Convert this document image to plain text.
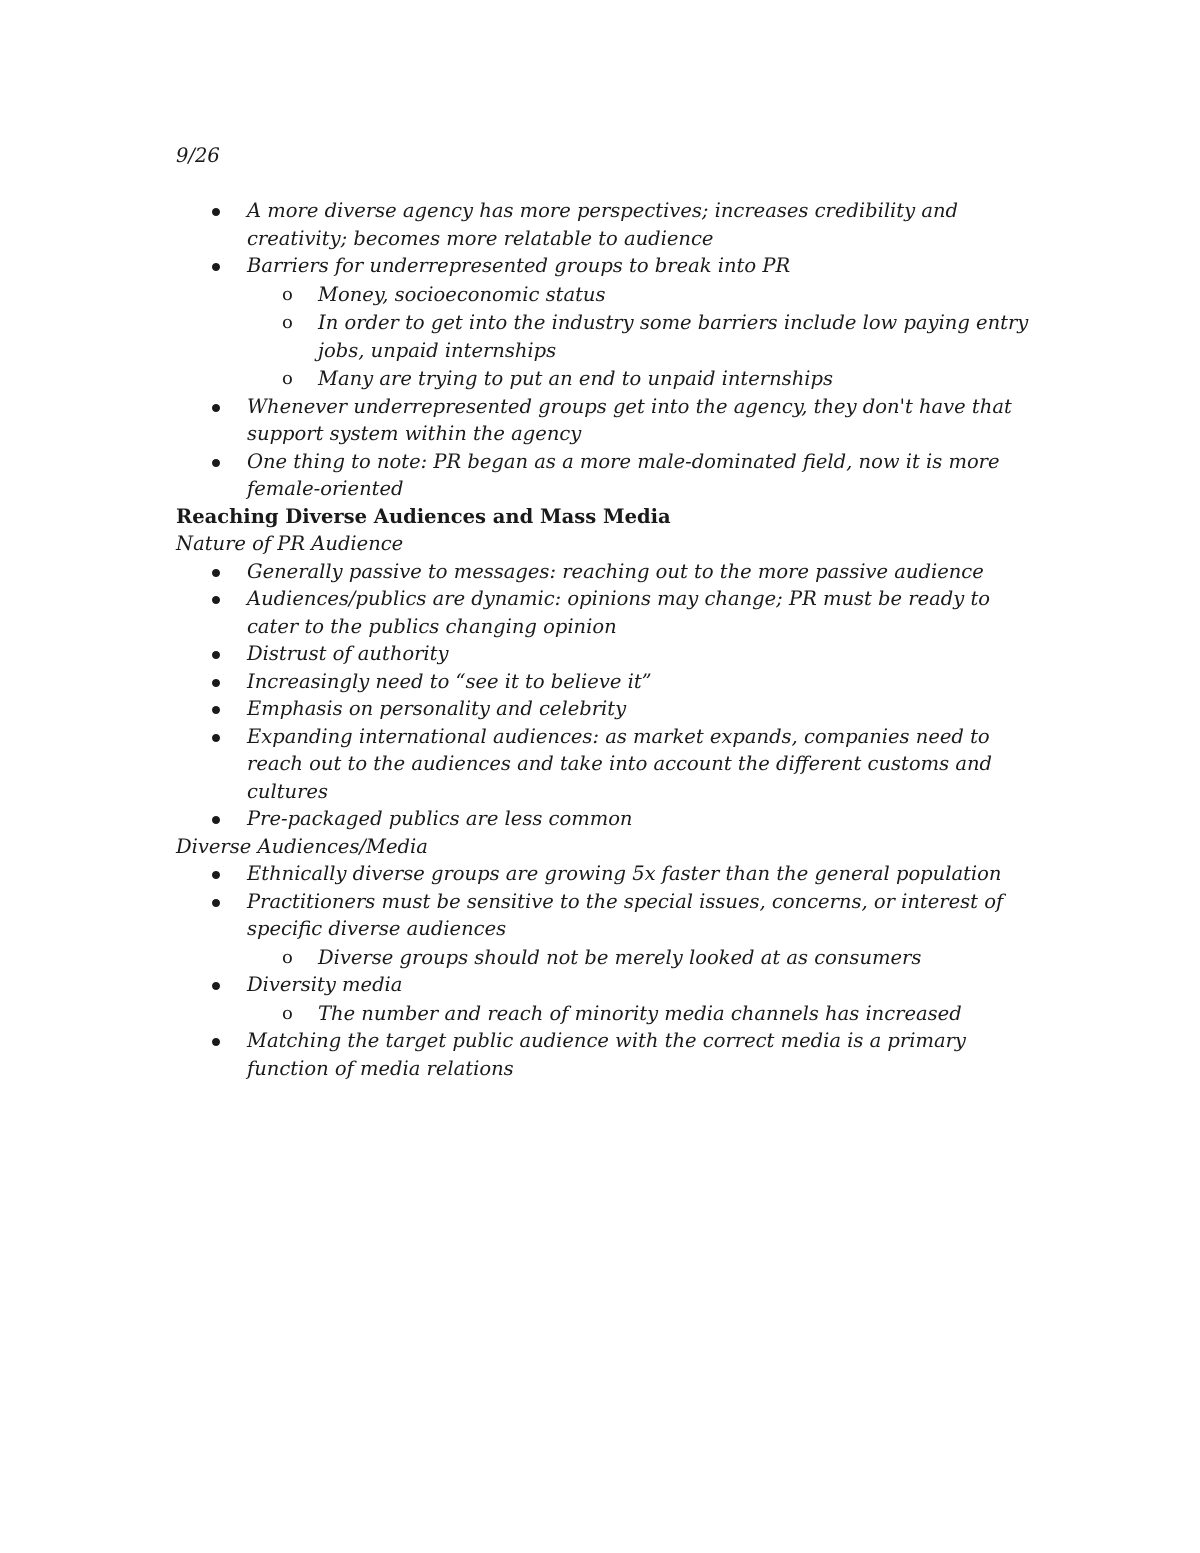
9/26
A more diverse agency has more perspectives; increases credibility and creativity; becomes more relatable to audience
Barriers for underrepresented groups to break into PR
o Money, socioeconomic status
o In order to get into the industry some barriers include low paying entry jobs, unpaid internships
o Many are trying to put an end to unpaid internships
Whenever underrepresented groups get into the agency, they don't have that support system within the agency
One thing to note: PR began as a more male-dominated field, now it is more female-oriented
Reaching Diverse Audiences and Mass Media
Nature of PR Audience
Generally passive to messages: reaching out to the more passive audience
Audiences/publics are dynamic: opinions may change; PR must be ready to cater to the publics changing opinion
Distrust of authority
Increasingly need to “see it to believe it”
Emphasis on personality and celebrity
Expanding international audiences: as market expands, companies need to reach out to the audiences and take into account the different customs and cultures
Pre-packaged publics are less common
Diverse Audiences/Media
Ethnically diverse groups are growing 5x faster than the general population
Practitioners must be sensitive to the special issues, concerns, or interest of specific diverse audiences
o Diverse groups should not be merely looked at as consumers
Diversity media
o The number and reach of minority media channels has increased
Matching the target public audience with the correct media is a primary function of media relations
